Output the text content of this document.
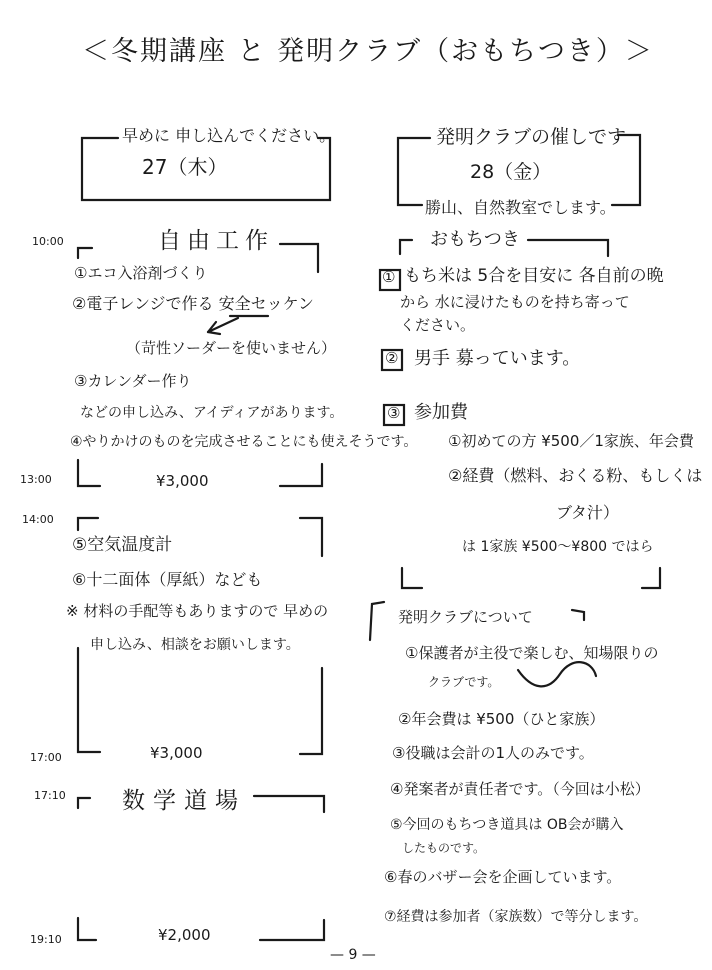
＜冬期講座 と 発明クラブ（おもちつき）＞
早めに 申し込んでください。
27（木）
発明クラブの催しです
28（金）
勝山、自然教室でします。
10:00
13:00
14:00
17:00
17:10
19:10
自由工作
①エコ入浴剤づくり
②電子レンジで作る 安全セッケン
（苛性ソーダーを使いません）
③カレンダー作り
などの申し込み、アイディアがあります。
④やりかけのものを完成させることにも使えそうです。
¥3,000
⑤空気温度計
⑥十二面体（厚紙）なども
※ 材料の手配等もありますので 早めの
申し込み、相談をお願いします。
¥3,000
数学道場
¥2,000
おもちつき
① もち米は 5合を目安に 各自前の晩
から 水に浸けたものを持ち寄って
ください。
② 男手 募っています。
③ 参加費
①初めての方 ¥500／1家族、年会費
②経費（燃料、おくる粉、もしくは
ブタ汁）
は 1家族 ¥500〜¥800 ではら
発明クラブについて
①保護者が主役で楽しむ、知場限りの
クラブです。
②年会費は ¥500（ひと家族）
③役職は会計の1人のみです。
④発案者が責任者です。（今回は小松）
⑤今回のもちつき道具は OB会が購入
したものです。
⑥春のバザー会を企画しています。
⑦経費は参加者（家族数）で等分します。
— 9 —
